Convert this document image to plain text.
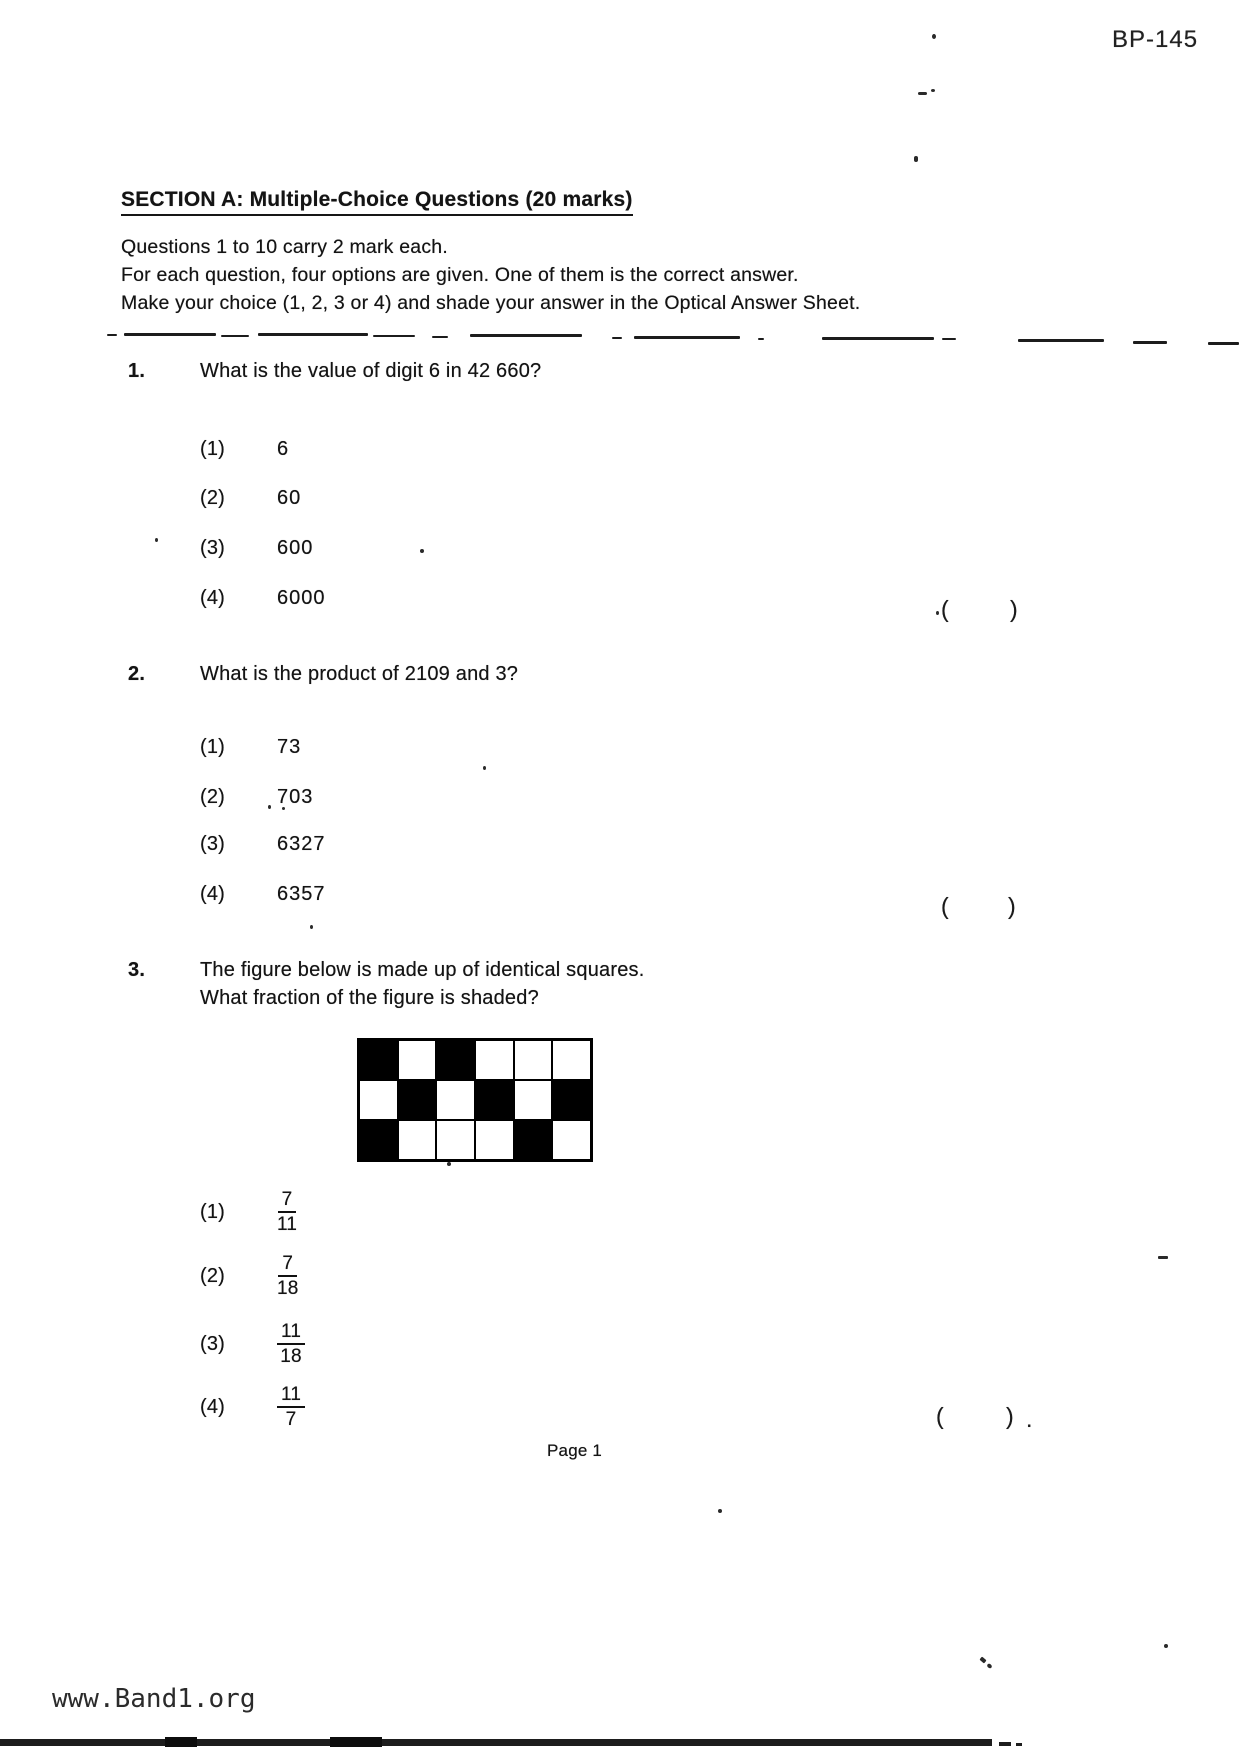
BP-145
SECTION A: Multiple-Choice Questions (20 marks)
Questions 1 to 10 carry 2 mark each.
For each question, four options are given. One of them is the correct answer.
Make your choice (1, 2, 3 or 4) and shade your answer in the Optical Answer Sheet.
1.	What is the value of digit 6 in 42 660?
(1)	6
(2)	60
(3)	600
(4)	6000	(	)
2.	What is the product of 2109 and 3?
(1)	73
(2)	703
(3)	6327
(4)	6357	(	)
3.	The figure below is made up of identical squares.
What fraction of the figure is shaded?
(1)	$\frac{7}{11}$
(2)	$\frac{7}{18}$
(3)	$\frac{11}{18}$
(4)	$\frac{11}{7}$	(	) .
Page 1
www.Band1.org
